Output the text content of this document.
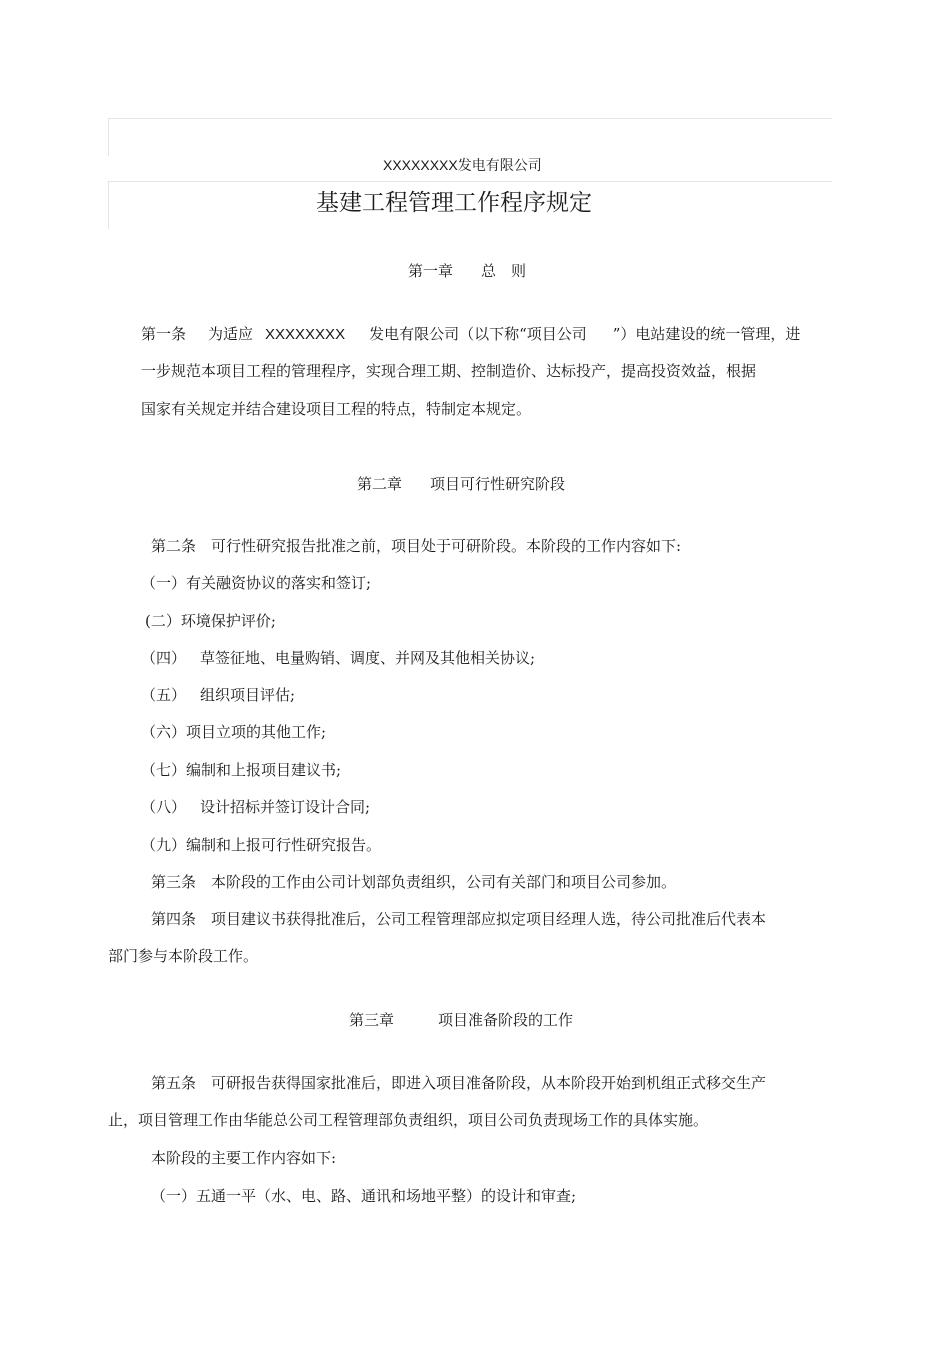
XXXXXXXX发电有限公司
基建工程管理工作程序规定
第一章 总　则
第一条 为适应 XXXXXXXX 发电有限公司（以下称“项目公司 ”）电站建设的统一管理，进
一步规范本项目工程的管理程序，实现合理工期、控制造价、达标投产，提高投资效益，根据
国家有关规定并结合建设项目工程的特点，特制定本规定。
第二章 项目可行性研究阶段
第二条　可行性研究报告批准之前，项目处于可研阶段。本阶段的工作内容如下:
（一）有关融资协议的落实和签订;
(二）环境保护评价;
（四） 草签征地、电量购销、调度、并网及其他相关协议;
（五） 组织项目评估;
（六）项目立项的其他工作;
（七）编制和上报项目建议书;
（八） 设计招标并签订设计合同;
（九）编制和上报可行性研究报告。
第三条　本阶段的工作由公司计划部负责组织，公司有关部门和项目公司参加。
第四条　项目建议书获得批准后，公司工程管理部应拟定项目经理人选，待公司批准后代表本
部门参与本阶段工作。
第三章	项目准备阶段的工作
第五条　可研报告获得国家批准后，即进入项目准备阶段，从本阶段开始到机组正式移交生产
止，项目管理工作由华能总公司工程管理部负责组织，项目公司负责现场工作的具体实施。
本阶段的主要工作内容如下:
（一）五通一平（水、电、路、通讯和场地平整）的设计和审查;
